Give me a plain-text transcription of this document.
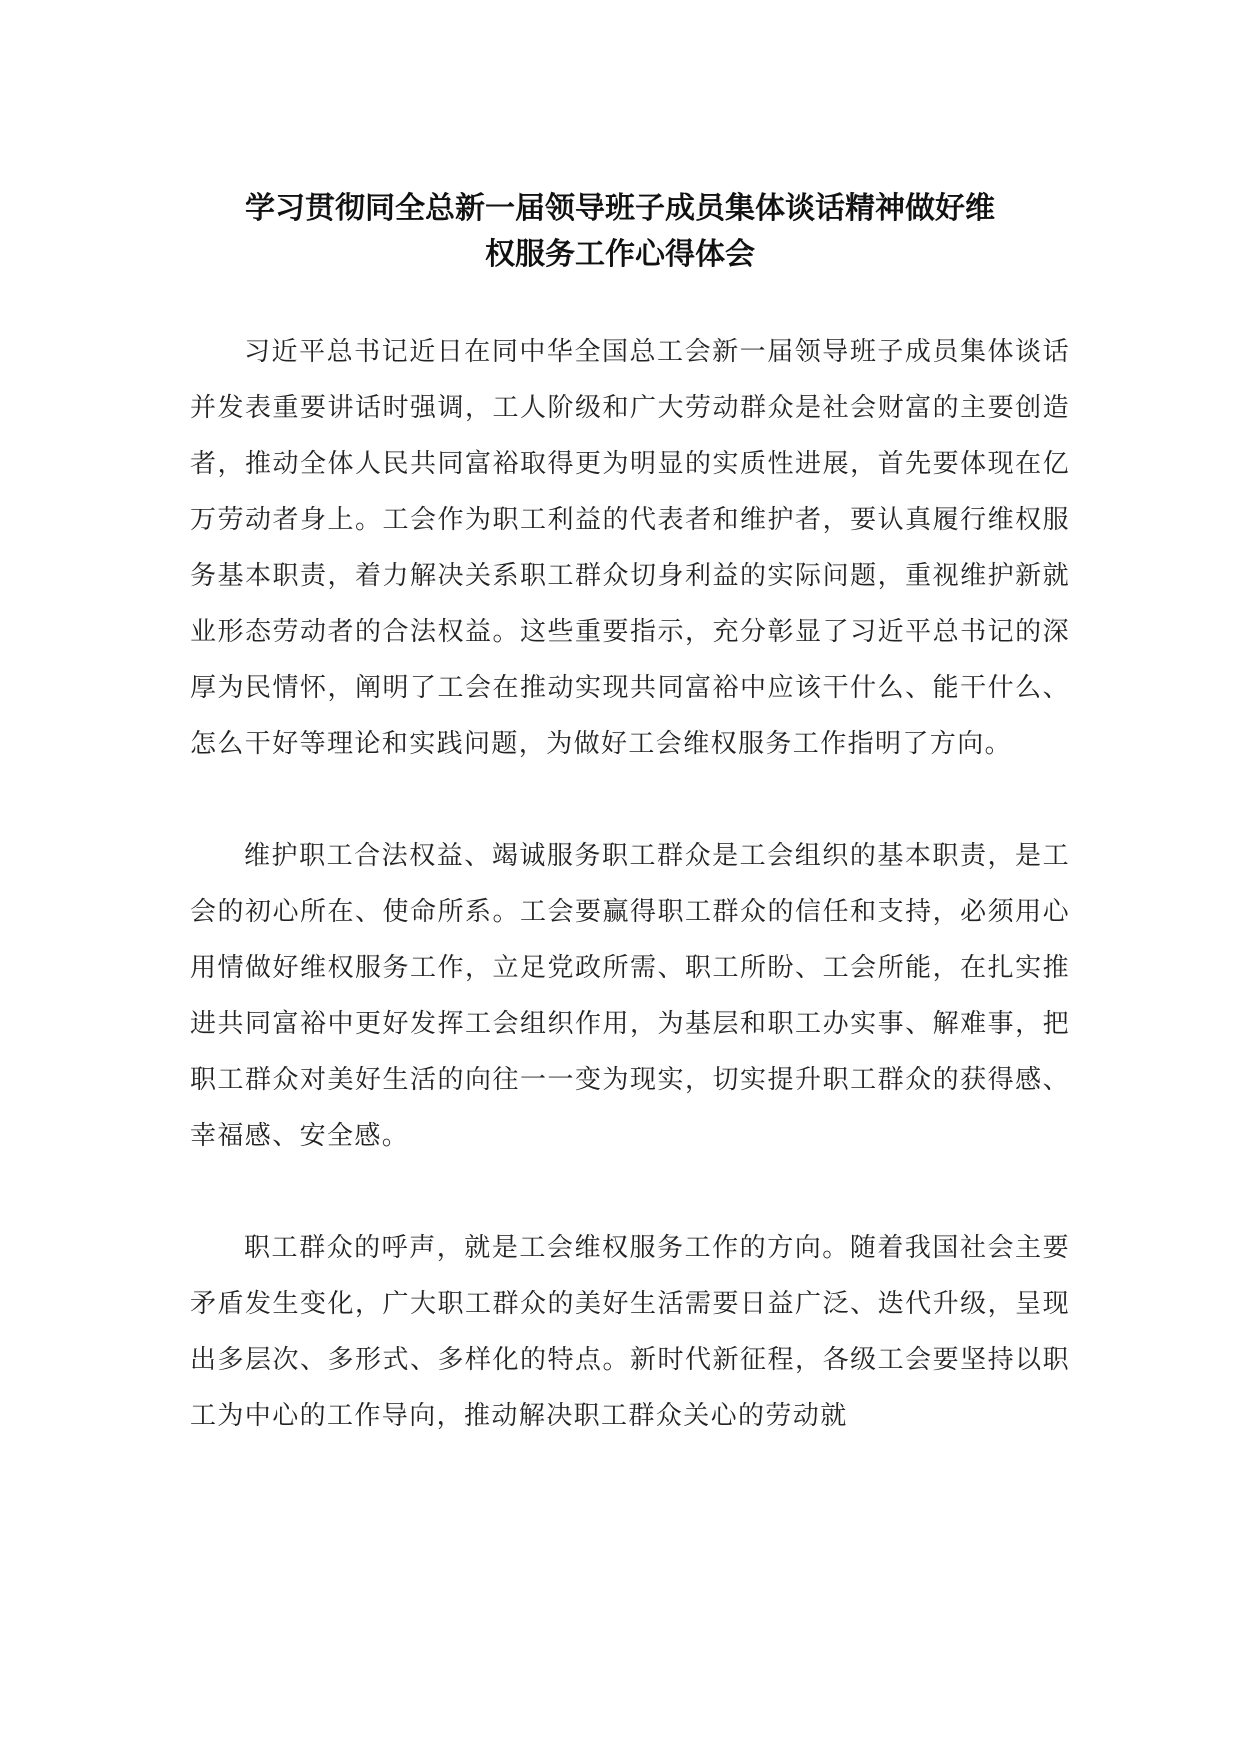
学习贯彻同全总新一届领导班子成员集体谈话精神做好维
权服务工作心得体会

习近平总书记近日在同中华全国总工会新一届领导班子成员集体谈话并发表重要讲话时强调，工人阶级和广大劳动群众是社会财富的主要创造者，推动全体人民共同富裕取得更为明显的实质性进展，首先要体现在亿万劳动者身上。工会作为职工利益的代表者和维护者，要认真履行维权服务基本职责，着力解决关系职工群众切身利益的实际问题，重视维护新就业形态劳动者的合法权益。这些重要指示，充分彰显了习近平总书记的深厚为民情怀，阐明了工会在推动实现共同富裕中应该干什么、能干什么、怎么干好等理论和实践问题，为做好工会维权服务工作指明了方向。

维护职工合法权益、竭诚服务职工群众是工会组织的基本职责，是工会的初心所在、使命所系。工会要赢得职工群众的信任和支持，必须用心用情做好维权服务工作，立足党政所需、职工所盼、工会所能，在扎实推进共同富裕中更好发挥工会组织作用，为基层和职工办实事、解难事，把职工群众对美好生活的向往一一变为现实，切实提升职工群众的获得感、幸福感、安全感。

职工群众的呼声，就是工会维权服务工作的方向。随着我国社会主要矛盾发生变化，广大职工群众的美好生活需要日益广泛、迭代升级，呈现出多层次、多形式、多样化的特点。新时代新征程，各级工会要坚持以职工为中心的工作导向，推动解决职工群众关心的劳动就
